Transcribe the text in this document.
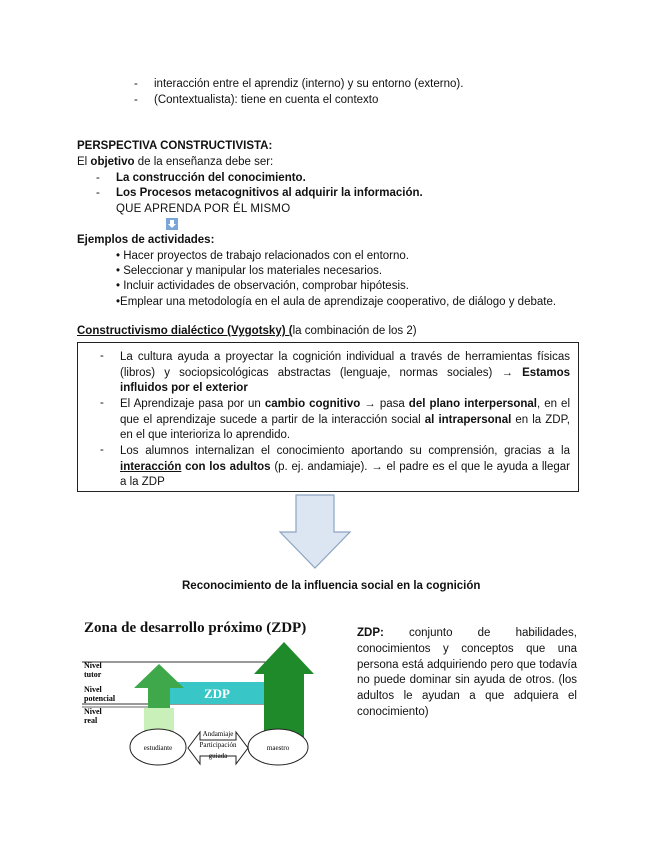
- interacción entre el aprendiz (interno) y su entorno (externo).
- (Contextualista): tiene en cuenta el contexto
PERSPECTIVA CONSTRUCTIVISTA:
El objetivo de la enseñanza debe ser:
- La construcción del conocimiento.
- Los Procesos metacognitivos al adquirir la información.
QUE APRENDA POR ÉL MISMO
Ejemplos de actividades:
• Hacer proyectos de trabajo relacionados con el entorno.
• Seleccionar y manipular los materiales necesarios.
• Incluir actividades de observación, comprobar hipótesis.
•Emplear una metodología en el aula de aprendizaje cooperativo, de diálogo y debate.
Constructivismo dialéctico (Vygotsky) (la combinación de los 2)
- La cultura ayuda a proyectar la cognición individual a través de herramientas físicas (libros) y sociopsicológicas abstractas (lenguaje, normas sociales) → Estamos influidos por el exterior
- El Aprendizaje pasa por un cambio cognitivo → pasa del plano interpersonal, en el que el aprendizaje sucede a partir de la interacción social al intrapersonal en la ZDP, en el que interioriza lo aprendido.
- Los alumnos internalizan el conocimiento aportando su comprensión, gracias a la interacción con los adultos (p. ej. andamiaje). → el padre es el que le ayuda a llegar a la ZDP
Reconocimiento de la influencia social en la cognición
Zona de desarrollo próximo (ZDP)
Nivel
tutor
Nivel
potencial
Nivel
real
ZDP
estudiante	maestro
Andamiaje
Participación
guiada
ZDP: conjunto de habilidades, conocimientos y conceptos que una persona está adquiriendo pero que todavía no puede dominar sin ayuda de otros. (los adultos le ayudan a que adquiera el conocimiento)
